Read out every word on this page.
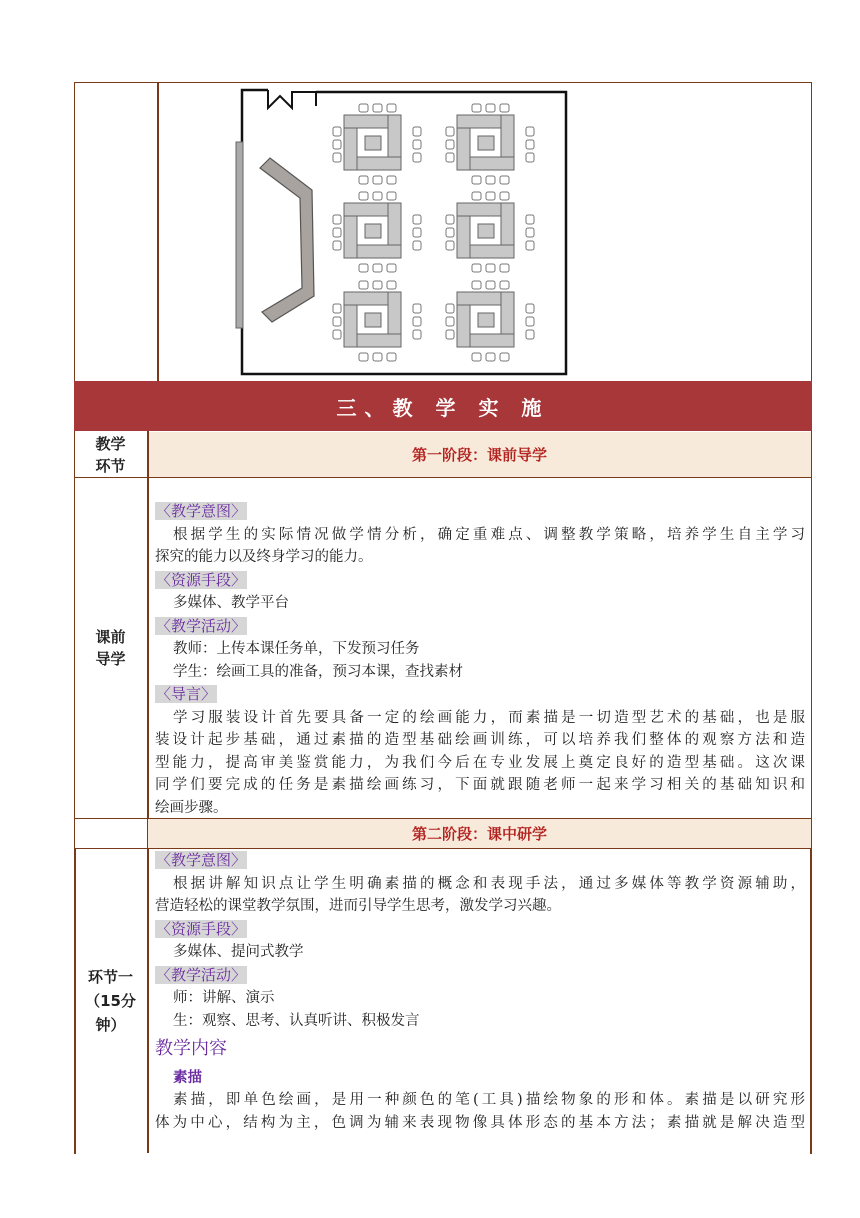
三、教 学 实 施
第一阶段：课前导学
教学
环节
课前
导学
〈教学意图〉
根据学生的实际情况做学情分析，确定重难点、调整教学策略，培养学生自主学习
探究的能力以及终身学习的能力。
〈资源手段〉
多媒体、教学平台
〈教学活动〉
教师：上传本课任务单，下发预习任务
学生：绘画工具的准备，预习本课，查找素材
〈导言〉
学习服装设计首先要具备一定的绘画能力，而素描是一切造型艺术的基础，也是服
装设计起步基础，通过素描的造型基础绘画训练，可以培养我们整体的观察方法和造
型能力，提高审美鉴赏能力，为我们今后在专业发展上奠定良好的造型基础。这次课
同学们要完成的任务是素描绘画练习，下面就跟随老师一起来学习相关的基础知识和
绘画步骤。
第二阶段：课中研学
环节一
（15分
钟）
〈教学意图〉
根据讲解知识点让学生明确素描的概念和表现手法，通过多媒体等教学资源辅助，
营造轻松的课堂教学氛围，进而引导学生思考，激发学习兴趣。
〈资源手段〉
多媒体、提问式教学
〈教学活动〉
师：讲解、演示
生：观察、思考、认真听讲、积极发言
教学内容
素描
素描，即单色绘画，是用一种颜色的笔(工具)描绘物象的形和体。素描是以研究形
体为中心，结构为主，色调为辅来表现物像具体形态的基本方法；素描就是解决造型
